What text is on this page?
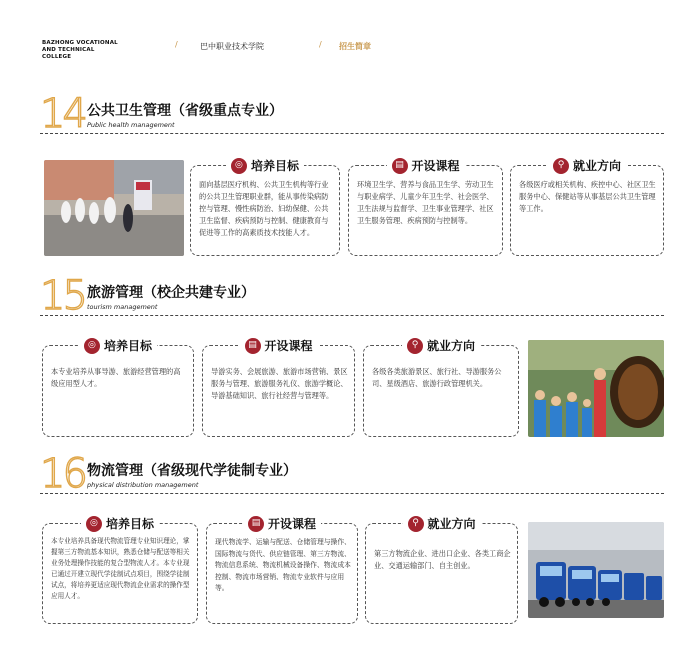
BAZHONG VOCATIONAL
AND TECHNICAL
COLLEGE
/	巴中职业技术学院	/ 招生简章
14 公共卫生管理（省级重点专业）
Public health management
◎ 培养目标
面向基层医疗机构、公共卫生机构等行业的公共卫生管理职业群，能从事传染病防控与管理、慢性病防治、妇幼保健、公共卫生监督、疾病预防与控制、健康教育与促进等工作的高素质技术技能人才。
▤ 开设课程
环境卫生学、营养与食品卫生学、劳动卫生与职业病学、儿童少年卫生学、社会医学、卫生法规与监督学、卫生事业管理学、社区卫生服务管理、疾病预防与控制等。
⚲ 就业方向
各级医疗或相关机构、疾控中心、社区卫生服务中心、保健站等从事基层公共卫生管理等工作。
15 旅游管理（校企共建专业）
tourism management
◎ 培养目标
本专业培养从事导游、旅游经营管理的高级应用型人才。
▤ 开设课程
导游实务、会展旅游、旅游市场营销、景区服务与管理、旅游服务礼仪、旅游学概论、导游基础知识、旅行社经营与管理等。
⚲ 就业方向
各级各类旅游景区、旅行社、导游服务公司、星级酒店、旅游行政管理机关。
16 物流管理（省级现代学徒制专业）
physical distribution management
◎ 培养目标
本专业培养具备现代物流管理专业知识理论，掌握第三方物流基本知识，熟悉仓储与配送等相关业务处理操作技能的复合型物流人才。本专业现已通过开建立现代学徒制试点项目，围绕学徒制试点，将培养更适应现代物流企业需求的操作型应用人才。
▤ 开设课程
现代物流学、运输与配送、仓储管理与操作、国际物流与货代、供应链管理、第三方物流、物流信息系统、物流机械设备操作、物流成本控制、物流市场营销、物流专业软件与应用等。
⚲ 就业方向
第三方物流企业、进出口企业、各类工商企业、交通运输部门、自主创业。
